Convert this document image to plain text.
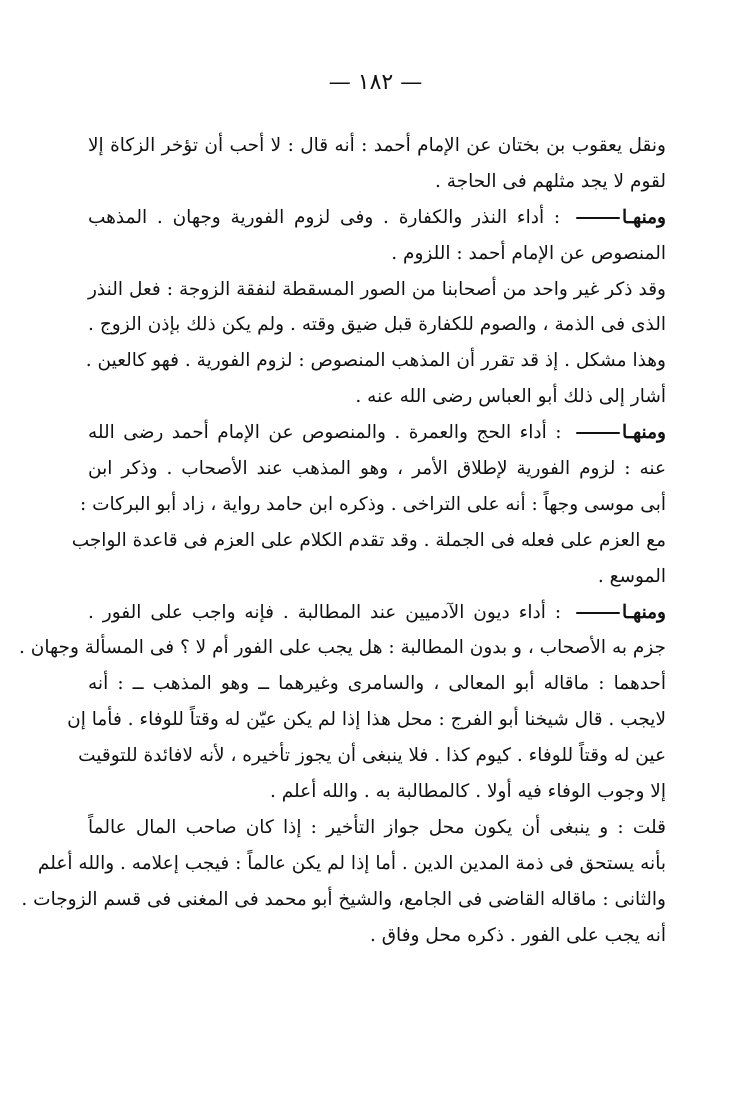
— ١٨٢ —
ونقل يعقوب بن بختان عن الإمام أحمد : أنه قال : لا أحب أن تؤخر الزكاة إلا
لقوم لا يجد مثلهم فى الحاجة .
ومنهـا : أداء النذر والكفارة . وفى لزوم الفورية وجهان . المذهب
المنصوص عن الإمام أحمد : اللزوم .
وقد ذكر غير واحد من أصحابنا من الصور المسقطة لنفقة الزوجة : فعل النذر
الذى فى الذمة ، والصوم للكفارة قبل ضيق وقته . ولم يكن ذلك بإذن الزوج .
وهذا مشكل . إذ قد تقرر أن المذهب المنصوص : لزوم الفورية . فهو كالعين .
أشار إلى ذلك أبو العباس رضى الله عنه .
ومنهـا : أداء الحج والعمرة . والمنصوص عن الإمام أحمد رضى الله
عنه : لزوم الفورية لإطلاق الأمر ، وهو المذهب عند الأصحاب . وذكر ابن
أبى موسى وجهاً : أنه على التراخى . وذكره ابن حامد رواية ، زاد أبو البركات :
مع العزم على فعله فى الجملة . وقد تقدم الكلام على العزم فى قاعدة الواجب
الموسع .
ومنهـا : أداء ديون الآدميين عند المطالبة . فإنه واجب على الفور .
جزم به الأصحاب ، و بدون المطالبة : هل يجب على الفور أم لا ؟ فى المسألة وجهان .
أحدهما : ماقاله أبو المعالى ، والسامرى وغيرهما ــ وهو المذهب ــ : أنه
لايجب . قال شيخنا أبو الفرج : محل هذا إذا لم يكن عيّن له وقتاً للوفاء . فأما إن
عين له وقتاً للوفاء . كيوم كذا . فلا ينبغى أن يجوز تأخيره ، لأنه لافائدة للتوقيت
إلا وجوب الوفاء فيه أولا . كالمطالبة به . والله أعلم .
قلت : و ينبغى أن يكون محل جواز التأخير : إذا كان صاحب المال عالماً
بأنه يستحق فى ذمة المدين الدين . أما إذا لم يكن عالماً : فيجب إعلامه . والله أعلم
والثانى : ماقاله القاضى فى الجامع، والشيخ أبو محمد فى المغنى فى قسم الزوجات .
أنه يجب على الفور . ذكره محل وفاق .
